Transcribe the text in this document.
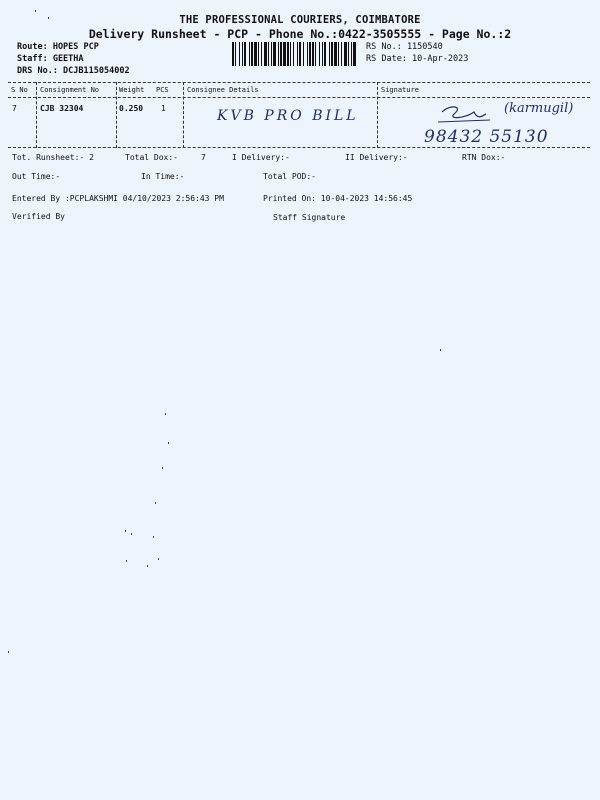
THE PROFESSIONAL COURIERS, COIMBATORE
Delivery Runsheet - PCP - Phone No.:0422-3505555 - Page No.:2
Route: HOPES PCP
Staff: GEETHA
DRS No.: DCJB115054002
RS No.: 1150540
RS Date: 10-Apr-2023
S No Consignment No	Weight PCS	Consignee Details	Signature
7	CJB 32304	0.250 1	KVB PRO BILL	(karmugil)
98432 55130
Tot. Runsheet:- 2	Total Dox:-	7	I Delivery:-	II Delivery:-	RTN Dox:-
Out Time:-	In Time:-	Total POD:-
Entered By :PCPLAKSHMI 04/10/2023 2:56:43 PM	Printed On: 10-04-2023 14:56:45
Verified By	Staff Signature
